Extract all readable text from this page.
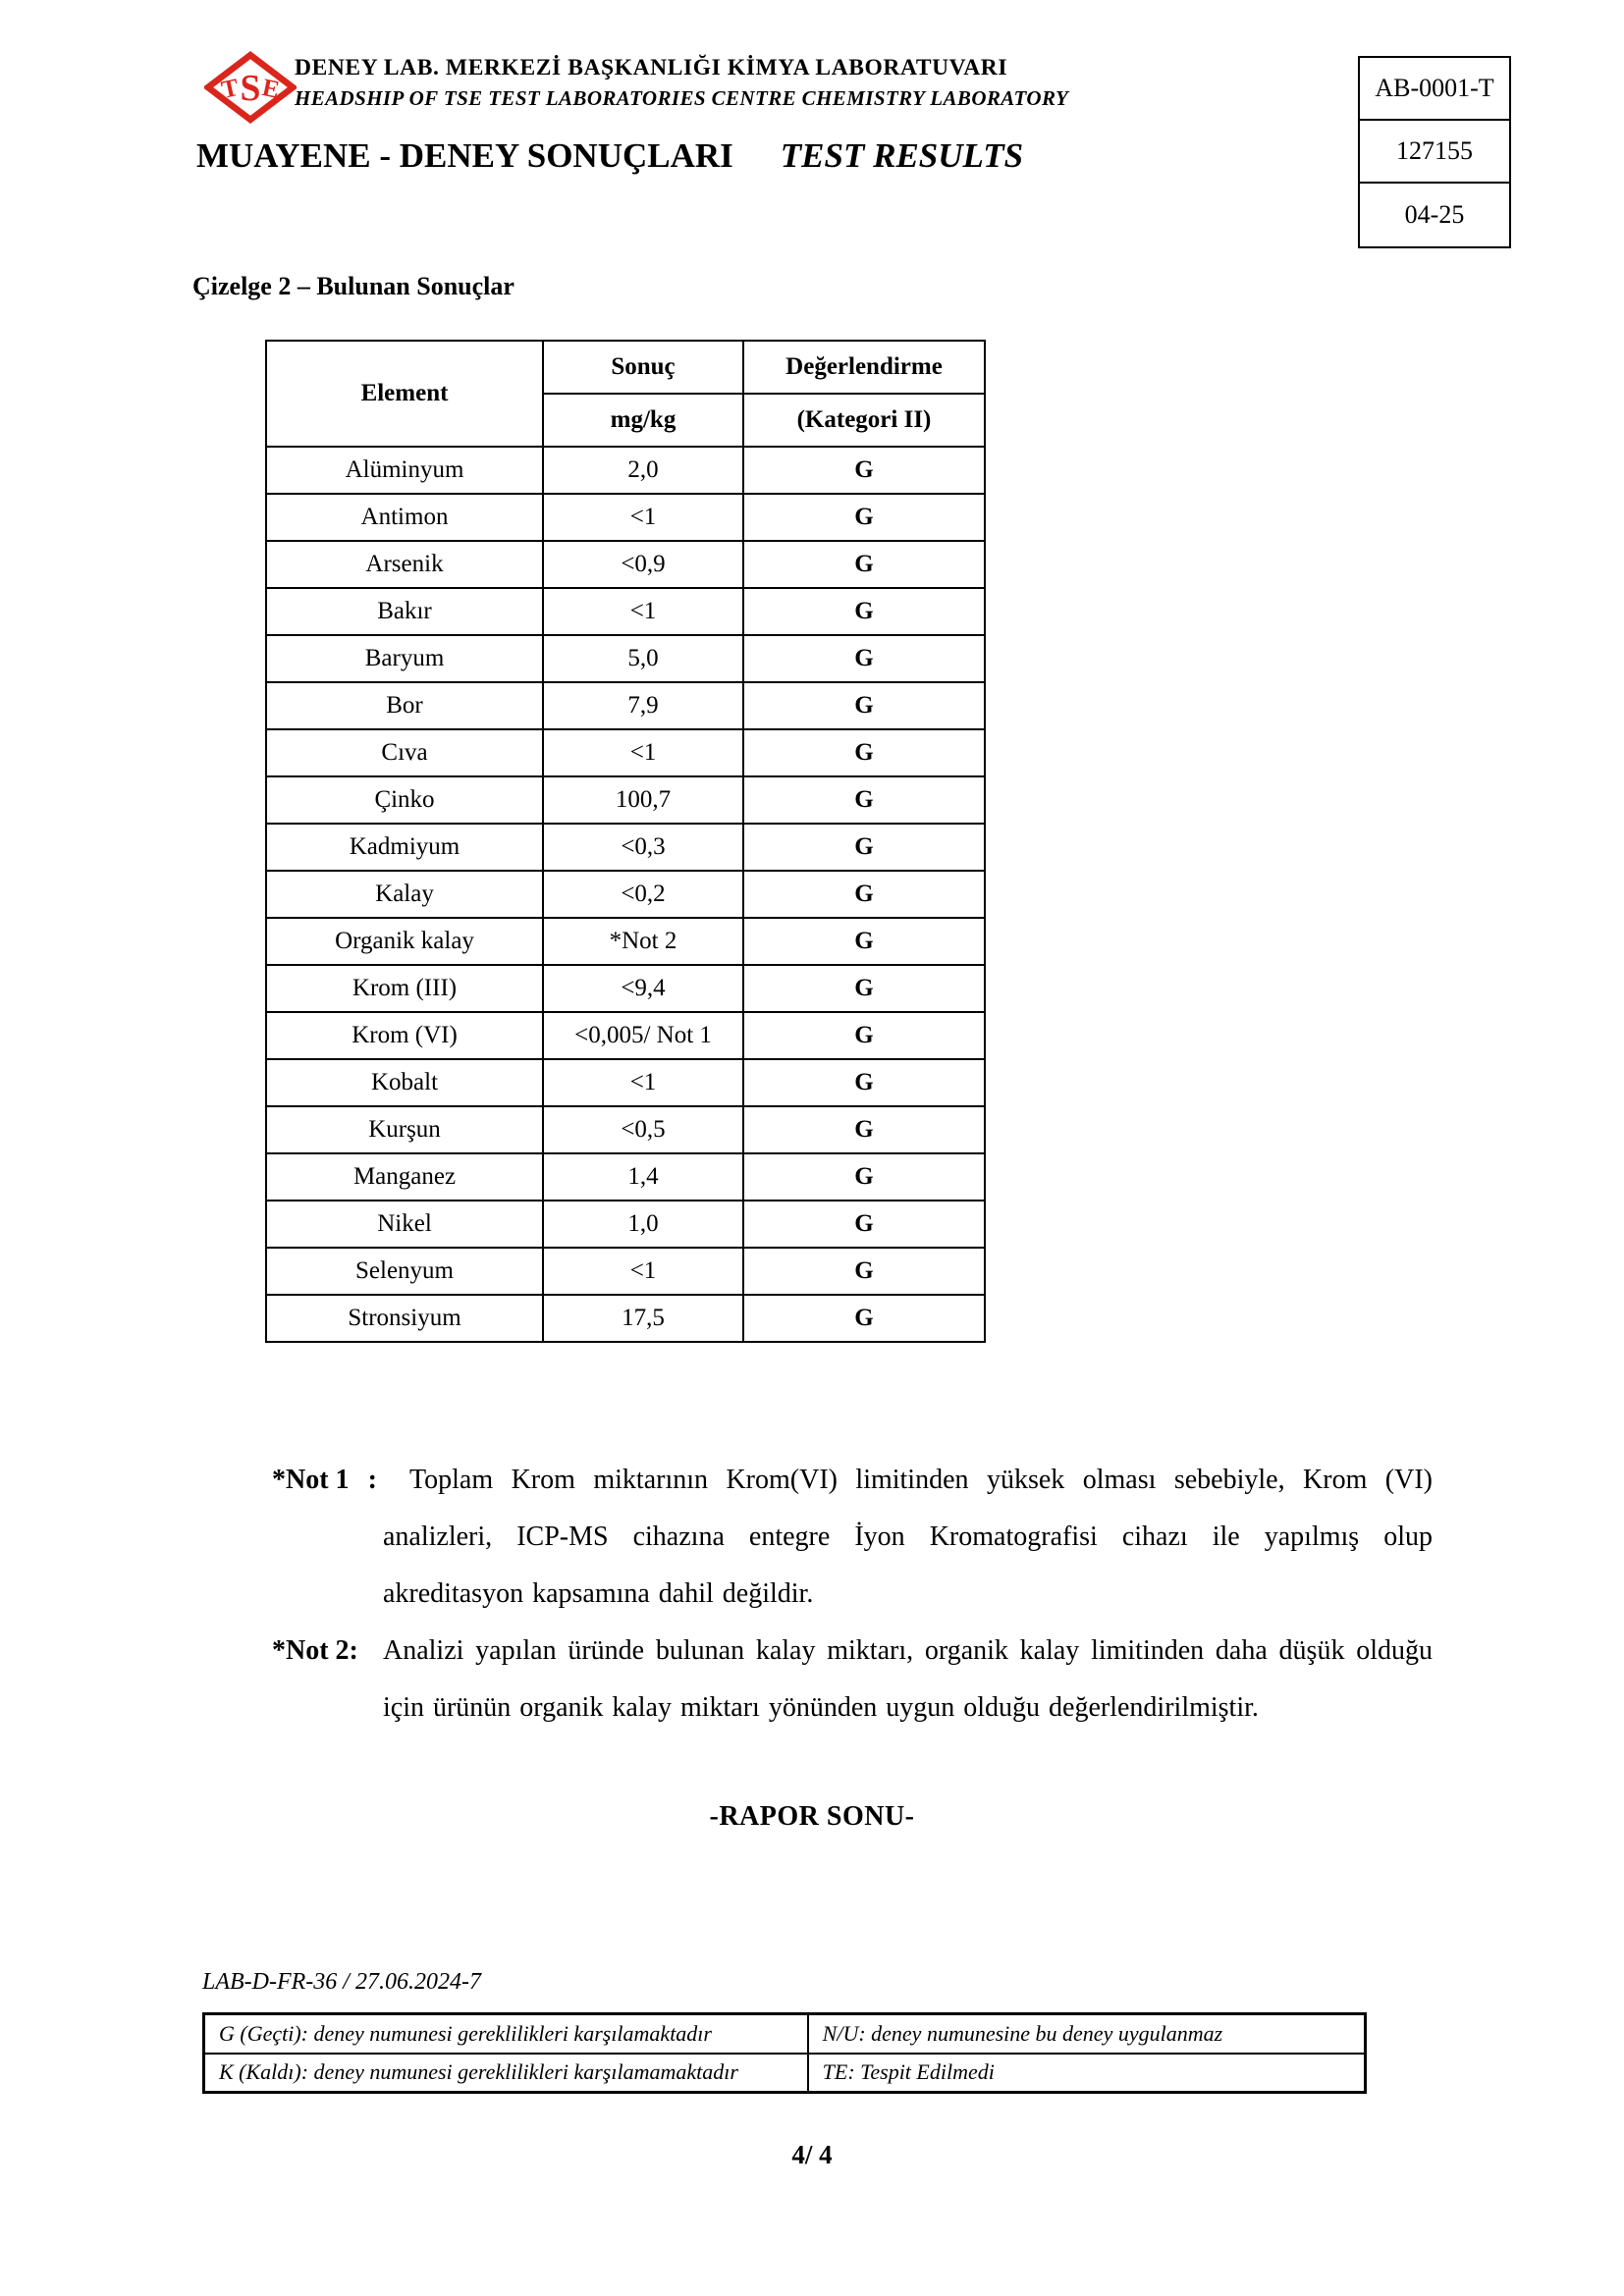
T S E
DENEY LAB. MERKEZİ BAŞKANLIĞI KİMYA LABORATUVARI
HEADSHIP OF TSE TEST LABORATORIES CENTRE CHEMISTRY LABORATORY	AB-0001-T
127155
04-25
MUAYENE - DENEY SONUÇLARI TEST RESULTS
Çizelge 2 – Bulunan Sonuçlar
Element	Sonuç	Değerlendirme
	mg/kg	(Kategori II)
Alüminyum	2,0	G
Antimon	<1	G
Arsenik	<0,9	G
Bakır	<1	G
Baryum	5,0	G
Bor	7,9	G
Cıva	<1	G
Çinko	100,7	G
Kadmiyum	<0,3	G
Kalay	<0,2	G
Organik kalay	*Not 2	G
Krom (III)	<9,4	G
Krom (VI)	<0,005/ Not 1	G
Kobalt	<1	G
Kurşun	<0,5	G
Manganez	1,4	G
Nikel	1,0	G
Selenyum	<1	G
Stronsiyum	17,5	G
*Not 1 :	Toplam Krom miktarının Krom(VI) limitinden yüksek olması sebebiyle, Krom (VI) analizleri, ICP-MS cihazına entegre İyon Kromatografisi cihazı ile yapılmış olup akreditasyon kapsamına dahil değildir.
*Not 2: Analizi yapılan üründe bulunan kalay miktarı, organik kalay limitinden daha düşük olduğu için ürünün organik kalay miktarı yönünden uygun olduğu değerlendirilmiştir.
-RAPOR SONU-
LAB-D-FR-36 / 27.06.2024-7
G (Geçti): deney numunesi gereklilikleri karşılamaktadır	N/U: deney numunesine bu deney uygulanmaz
K (Kaldı): deney numunesi gereklilikleri karşılamamaktadır	TE: Tespit Edilmedi
4/ 4
